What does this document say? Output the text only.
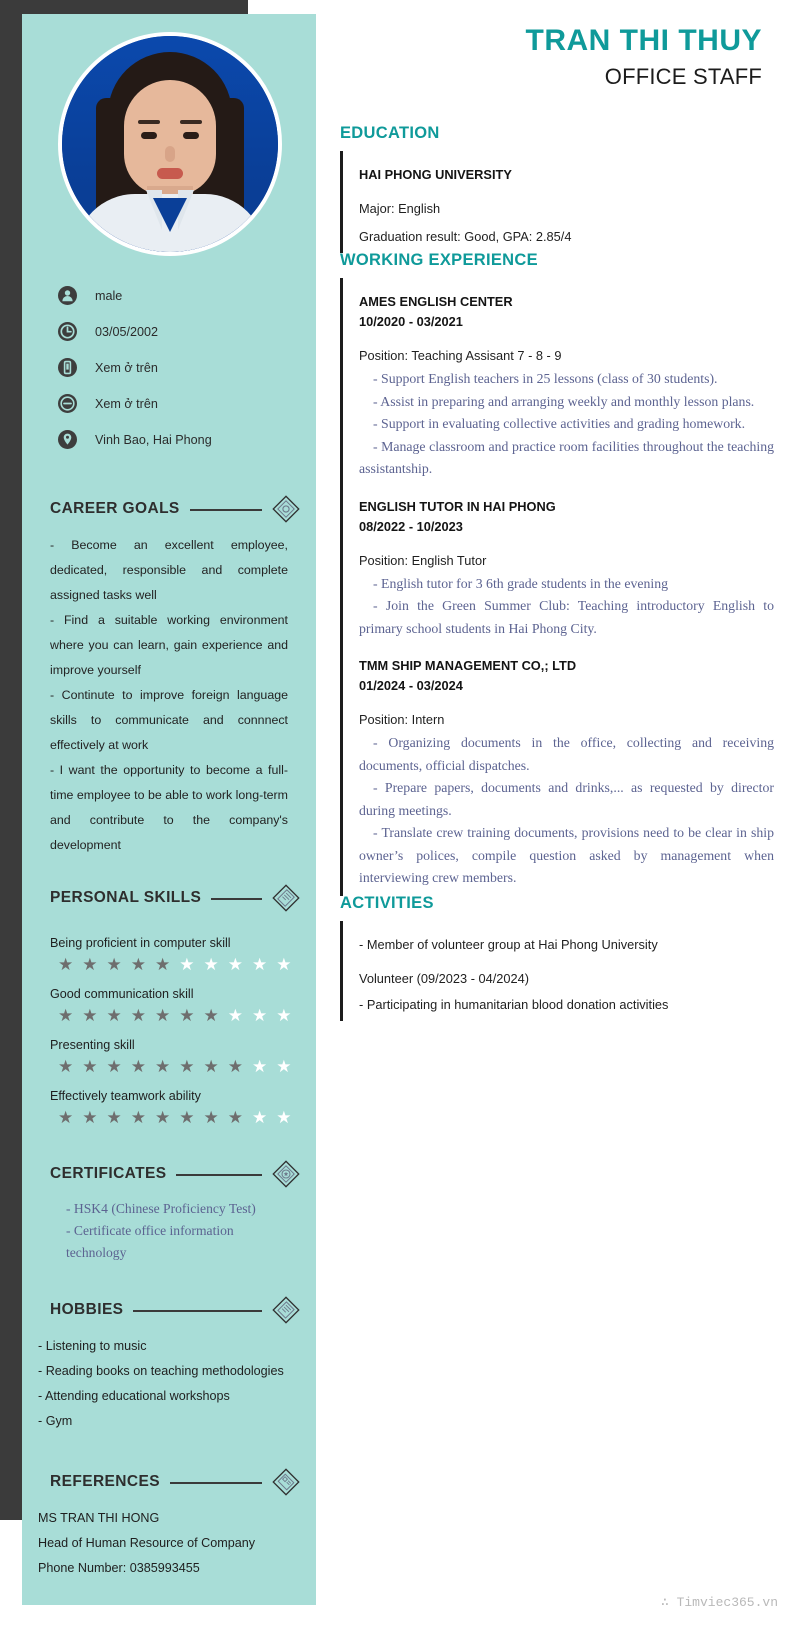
male
03/05/2002
Xem ở trên
Xem ở trên
Vinh Bao, Hai Phong
CAREER GOALS

- Become an excellent employee, dedicated, responsible and complete assigned tasks well

- Find a suitable working environment where you can learn, gain experience and improve yourself

- Continute to improve foreign language skills to communicate and connnect effectively at work

- I want the opportunity to become a full-time employee to be able to work long-term and contribute to the company's development

PERSONAL SKILLS
Being proficient in computer skill
★ ★ ★ ★ ★ ★ ★ ★ ★ ★
Good communication skill
★ ★ ★ ★ ★ ★ ★ ★ ★ ★
Presenting skill
★ ★ ★ ★ ★ ★ ★ ★ ★ ★
Effectively teamwork ability
★ ★ ★ ★ ★ ★ ★ ★ ★ ★
CERTIFICATES
- HSK4 (Chinese Proficiency Test)
- Certificate office information technology
HOBBIES
- Listening to music
- Reading books on teaching methodologies
- Attending educational workshops
- Gym
REFERENCES
MS TRAN THI HONG
Head of Human Resource of Company
Phone Number: 0385993455
TRAN THI THUY
OFFICE STAFF
EDUCATION
HAI PHONG UNIVERSITY
Major: English
Graduation result: Good, GPA: 2.85/4
WORKING EXPERIENCE
AMES ENGLISH CENTER
10/2020 - 03/2021
Position: Teaching Assisant 7 - 8 - 9
- Support English teachers in 25 lessons (class of 30 students).
- Assist in preparing and arranging weekly and monthly lesson plans.
- Support in evaluating collective activities and grading homework.
- Manage classroom and practice room facilities throughout the teaching assistantship.
ENGLISH TUTOR IN HAI PHONG
08/2022 - 10/2023
Position: English Tutor
- English tutor for 3 6th grade students in the evening
- Join the Green Summer Club: Teaching introductory English to primary school students in Hai Phong City.
TMM SHIP MANAGEMENT CO,; LTD
01/2024 - 03/2024
Position: Intern
- Organizing documents in the office, collecting and receiving documents, official dispatches.
- Prepare papers, documents and drinks,... as requested by director during meetings.
- Translate crew training documents, provisions need to be clear in ship owner’s polices, compile question asked by management when interviewing crew members.
ACTIVITIES
- Member of volunteer group at Hai Phong University
Volunteer (09/2023 - 04/2024)
- Participating in humanitarian blood donation activities
∴ Timviec365.vn
